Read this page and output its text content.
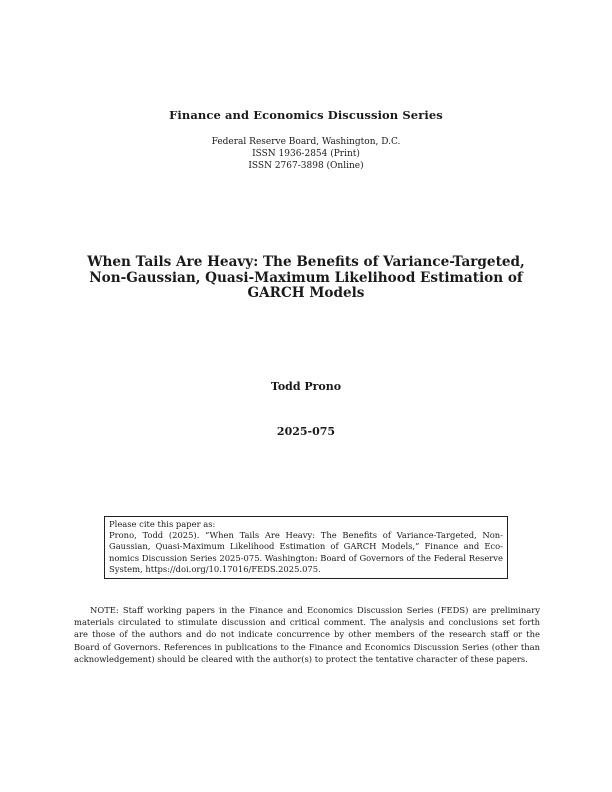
Finance and Economics Discussion Series
Federal Reserve Board, Washington, D.C.
ISSN 1936-2854 (Print)
ISSN 2767-3898 (Online)
When Tails Are Heavy: The Benefits of Variance-Targeted,
Non-Gaussian, Quasi-Maximum Likelihood Estimation of
GARCH Models
Todd Prono
2025-075
Please cite this paper as:
Prono, Todd (2025). “When Tails Are Heavy: The Benefits of Variance-Targeted, Non-
Gaussian, Quasi-Maximum Likelihood Estimation of GARCH Models,” Finance and Eco-
nomics Discussion Series 2025-075. Washington: Board of Governors of the Federal Reserve
System, https://doi.org/10.17016/FEDS.2025.075.
NOTE: Staff working papers in the Finance and Economics Discussion Series (FEDS) are preliminary
materials circulated to stimulate discussion and critical comment. The analysis and conclusions set forth
are those of the authors and do not indicate concurrence by other members of the research staff or the
Board of Governors. References in publications to the Finance and Economics Discussion Series (other than
acknowledgement) should be cleared with the author(s) to protect the tentative character of these papers.
